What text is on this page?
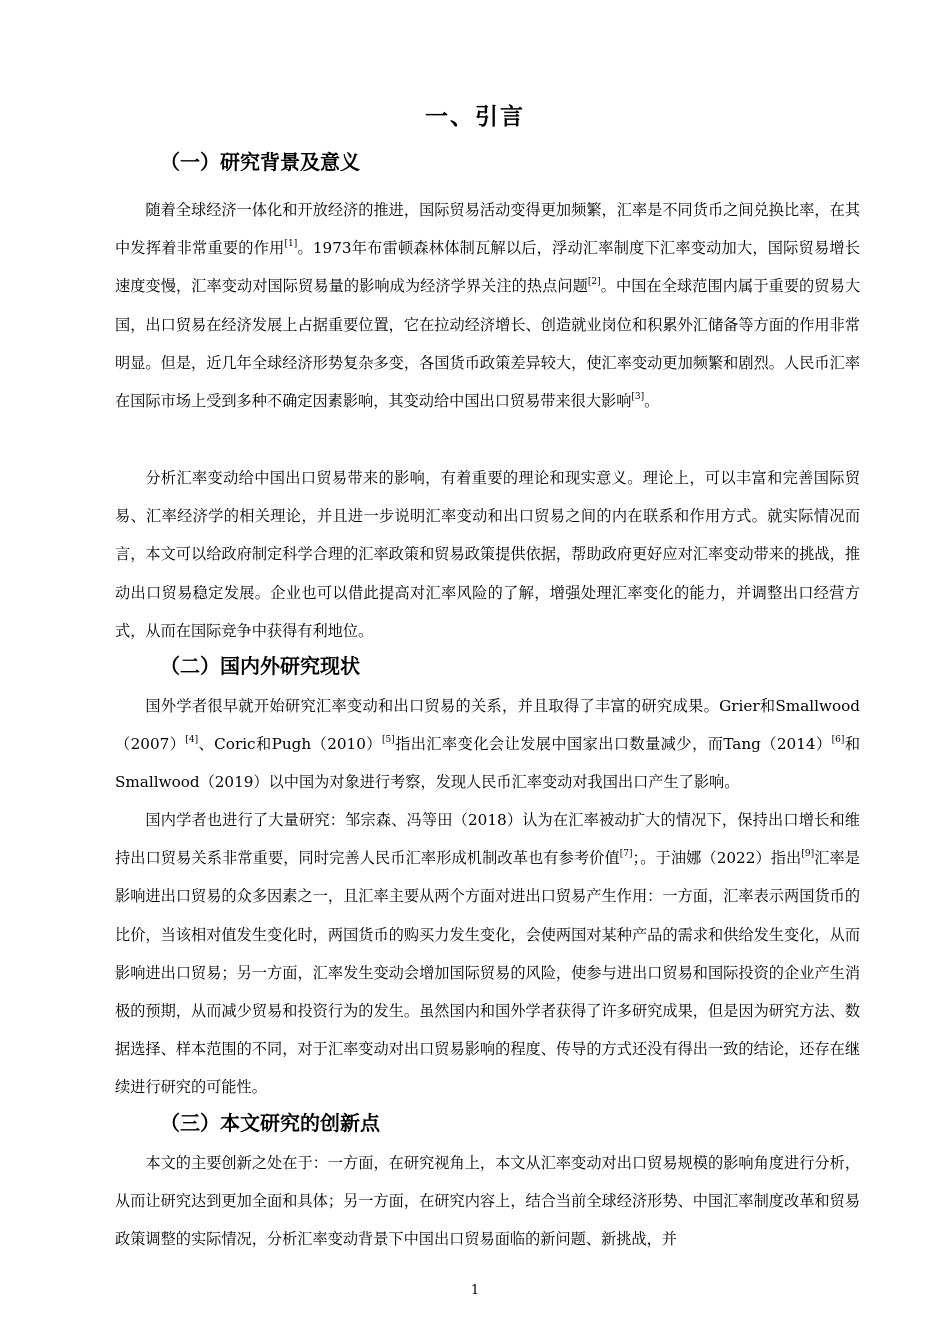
一、引言
（一）研究背景及意义

随着全球经济一体化和开放经济的推进，国际贸易活动变得更加频繁，汇率是不同货币之间兑换比率，在其中发挥着非常重要的作用[1]。1973年布雷顿森林体制瓦解以后，浮动汇率制度下汇率变动加大，国际贸易增长速度变慢，汇率变动对国际贸易量的影响成为经济学界关注的热点问题[2]。中国在全球范围内属于重要的贸易大国，出口贸易在经济发展上占据重要位置，它在拉动经济增长、创造就业岗位和积累外汇储备等方面的作用非常明显。但是，近几年全球经济形势复杂多变，各国货币政策差异较大，使汇率变动更加频繁和剧烈。人民币汇率在国际市场上受到多种不确定因素影响，其变动给中国出口贸易带来很大影响[3]。

分析汇率变动给中国出口贸易带来的影响，有着重要的理论和现实意义。理论上，可以丰富和完善国际贸易、汇率经济学的相关理论，并且进一步说明汇率变动和出口贸易之间的内在联系和作用方式。就实际情况而言，本文可以给政府制定科学合理的汇率政策和贸易政策提供依据，帮助政府更好应对汇率变动带来的挑战，推动出口贸易稳定发展。企业也可以借此提高对汇率风险的了解，增强处理汇率变化的能力，并调整出口经营方式，从而在国际竞争中获得有利地位。

（二）国内外研究现状

国外学者很早就开始研究汇率变动和出口贸易的关系，并且取得了丰富的研究成果。Grier和Smallwood（2007）[4]、Coric和Pugh（2010）[5]指出汇率变化会让发展中国家出口数量减少，而Tang（2014）[6]和Smallwood（2019）以中国为对象进行考察，发现人民币汇率变动对我国出口产生了影响。

国内学者也进行了大量研究：邹宗森、冯等田（2018）认为在汇率被动扩大的情况下，保持出口增长和维持出口贸易关系非常重要，同时完善人民币汇率形成机制改革也有参考价值[7]；。于油娜（2022）指出[9]汇率是影响进出口贸易的众多因素之一，且汇率主要从两个方面对进出口贸易产生作用：一方面，汇率表示两国货币的比价，当该相对值发生变化时，两国货币的购买力发生变化，会使两国对某种产品的需求和供给发生变化，从而影响进出口贸易；另一方面，汇率发生变动会增加国际贸易的风险，使参与进出口贸易和国际投资的企业产生消极的预期，从而减少贸易和投资行为的发生。虽然国内和国外学者获得了许多研究成果，但是因为研究方法、数据选择、样本范围的不同，对于汇率变动对出口贸易影响的程度、传导的方式还没有得出一致的结论，还存在继续进行研究的可能性。

（三）本文研究的创新点

本文的主要创新之处在于：一方面，在研究视角上，本文从汇率变动对出口贸易规模的影响角度进行分析，从而让研究达到更加全面和具体；另一方面，在研究内容上，结合当前全球经济形势、中国汇率制度改革和贸易政策调整的实际情况，分析汇率变动背景下中国出口贸易面临的新问题、新挑战，并

1
